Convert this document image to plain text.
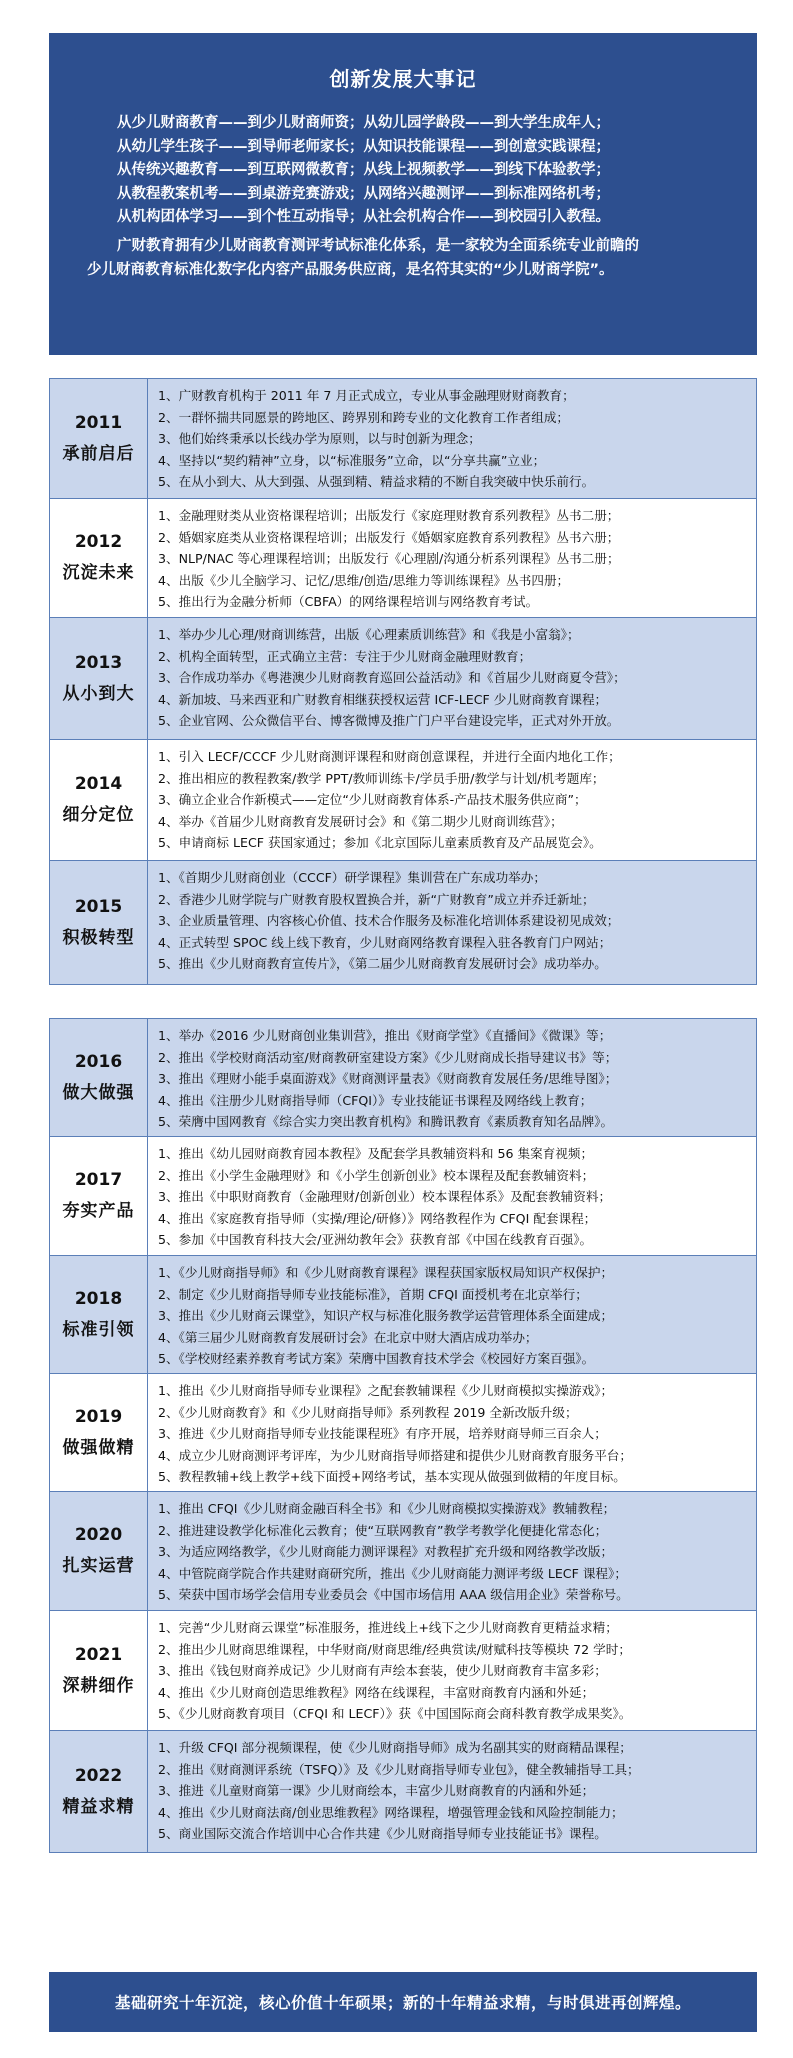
创新发展大事记
从少儿财商教育——到少儿财商师资；从幼儿园学龄段——到大学生成年人；
从幼儿学生孩子——到导师老师家长；从知识技能课程——到创意实践课程；
从传统兴趣教育——到互联网微教育；从线上视频教学——到线下体验教学；
从教程教案机考——到桌游竞赛游戏；从网络兴趣测评——到标准网络机考；
从机构团体学习——到个性互动指导；从社会机构合作——到校园引入教程。
广财教育拥有少儿财商教育测评考试标准化体系，是一家较为全面系统专业前瞻的
少儿财商教育标准化数字化内容产品服务供应商，是名符其实的“少儿财商学院”。
2011
承前启后
1、广财教育机构于 2011 年 7 月正式成立，专业从事金融理财财商教育；
2、一群怀揣共同愿景的跨地区、跨界别和跨专业的文化教育工作者组成；
3、他们始终秉承以长线办学为原则，以与时创新为理念；
4、坚持以“契约精神”立身，以“标准服务”立命，以“分享共赢”立业；
5、在从小到大、从大到强、从强到精、精益求精的不断自我突破中快乐前行。
2012
沉淀未来
1、金融理财类从业资格课程培训；出版发行《家庭理财教育系列教程》丛书二册；
2、婚姻家庭类从业资格课程培训；出版发行《婚姻家庭教育系列教程》丛书六册；
3、NLP/NAC 等心理课程培训；出版发行《心理剧/沟通分析系列课程》丛书二册；
4、出版《少儿全脑学习、记忆/思维/创造/思维力等训练课程》丛书四册；
5、推出行为金融分析师（CBFA）的网络课程培训与网络教育考试。
2013
从小到大
1、举办少儿心理/财商训练营，出版《心理素质训练营》和《我是小富翁》；
2、机构全面转型，正式确立主营：专注于少儿财商金融理财教育；
3、合作成功举办《粤港澳少儿财商教育巡回公益活动》和《首届少儿财商夏令营》；
4、新加坡、马来西亚和广财教育相继获授权运营 ICF-LECF 少儿财商教育课程；
5、企业官网、公众微信平台、博客微博及推广门户平台建设完毕，正式对外开放。
2014
细分定位
1、引入 LECF/CCCF 少儿财商测评课程和财商创意课程，并进行全面内地化工作；
2、推出相应的教程教案/教学 PPT/教师训练卡/学员手册/教学与计划/机考题库；
3、确立企业合作新模式——定位“少儿财商教育体系-产品技术服务供应商”；
4、举办《首届少儿财商教育发展研讨会》和《第二期少儿财商训练营》；
5、申请商标 LECF 获国家通过；参加《北京国际儿童素质教育及产品展览会》。
2015
积极转型
1、《首期少儿财商创业（CCCF）研学课程》集训营在广东成功举办；
2、香港少儿财学院与广财教育股权置换合并，新“广财教育”成立并乔迁新址；
3、企业质量管理、内容核心价值、技术合作服务及标准化培训体系建设初见成效；
4、正式转型 SPOC 线上线下教育，少儿财商网络教育课程入驻各教育门户网站；
5、推出《少儿财商教育宣传片》，《第二届少儿财商教育发展研讨会》成功举办。
2016
做大做强
1、举办《2016 少儿财商创业集训营》，推出《财商学堂》《直播间》《微课》等；
2、推出《学校财商活动室/财商教研室建设方案》《少儿财商成长指导建议书》等；
3、推出《理财小能手桌面游戏》《财商测评量表》《财商教育发展任务/思维导图》；
4、推出《注册少儿财商指导师（CFQI）》专业技能证书课程及网络线上教育；
5、荣膺中国网教育《综合实力突出教育机构》和腾讯教育《素质教育知名品牌》。
2017
夯实产品
1、推出《幼儿园财商教育园本教程》及配套学具教辅资料和 56 集案育视频；
2、推出《小学生金融理财》和《小学生创新创业》校本课程及配套教辅资料；
3、推出《中职财商教育（金融理财/创新创业）校本课程体系》及配套教辅资料；
4、推出《家庭教育指导师（实操/理论/研修）》网络教程作为 CFQI 配套课程；
5、参加《中国教育科技大会/亚洲幼教年会》获教育部《中国在线教育百强》。
2018
标准引领
1、《少儿财商指导师》和《少儿财商教育课程》课程获国家版权局知识产权保护；
2、制定《少儿财商指导师专业技能标准》，首期 CFQI 面授机考在北京举行；
3、推出《少儿财商云课堂》，知识产权与标准化服务教学运营管理体系全面建成；
4、《第三届少儿财商教育发展研讨会》在北京中财大酒店成功举办；
5、《学校财经素养教育考试方案》荣膺中国教育技术学会《校园好方案百强》。
2019
做强做精
1、推出《少儿财商指导师专业课程》之配套教辅课程《少儿财商模拟实操游戏》；
2、《少儿财商教育》和《少儿财商指导师》系列教程 2019 全新改版升级；
3、推进《少儿财商指导师专业技能课程班》有序开展，培养财商导师三百余人；
4、成立少儿财商测评考评库，为少儿财商指导师搭建和提供少儿财商教育服务平台；
5、教程教辅+线上教学+线下面授+网络考试，基本实现从做强到做精的年度目标。
2020
扎实运营
1、推出 CFQI《少儿财商金融百科全书》和《少儿财商模拟实操游戏》教辅教程；
2、推进建设教学化标准化云教育；使“互联网教育”教学考教学化便捷化常态化；
3、为适应网络教学，《少儿财商能力测评课程》对教程扩充升级和网络教学改版；
4、中管院商学院合作共建财商研究所，推出《少儿财商能力测评考级 LECF 课程》；
5、荣获中国市场学会信用专业委员会《中国市场信用 AAA 级信用企业》荣誉称号。
2021
深耕细作
1、完善“少儿财商云课堂”标准服务，推进线上+线下之少儿财商教育更精益求精；
2、推出少儿财商思维课程，中华财商/财商思维/经典赏读/财赋科技等模块 72 学时；
3、推出《钱包财商养成记》少儿财商有声绘本套装，使少儿财商教育丰富多彩；
4、推出《少儿财商创造思维教程》网络在线课程，丰富财商教育内涵和外延；
5、《少儿财商教育项目（CFQI 和 LECF）》获《中国国际商会商科教育教学成果奖》。
2022
精益求精
1、升级 CFQI 部分视频课程，使《少儿财商指导师》成为名副其实的财商精品课程；
2、推出《财商测评系统（TSFQ）》及《少儿财商指导师专业包》，健全教辅指导工具；
3、推进《儿童财商第一课》少儿财商绘本，丰富少儿财商教育的内涵和外延；
4、推出《少儿财商法商/创业思维教程》网络课程，增强管理金钱和风险控制能力；
5、商业国际交流合作培训中心合作共建《少儿财商指导师专业技能证书》课程。
基础研究十年沉淀，核心价值十年硕果；新的十年精益求精，与时俱进再创辉煌。
